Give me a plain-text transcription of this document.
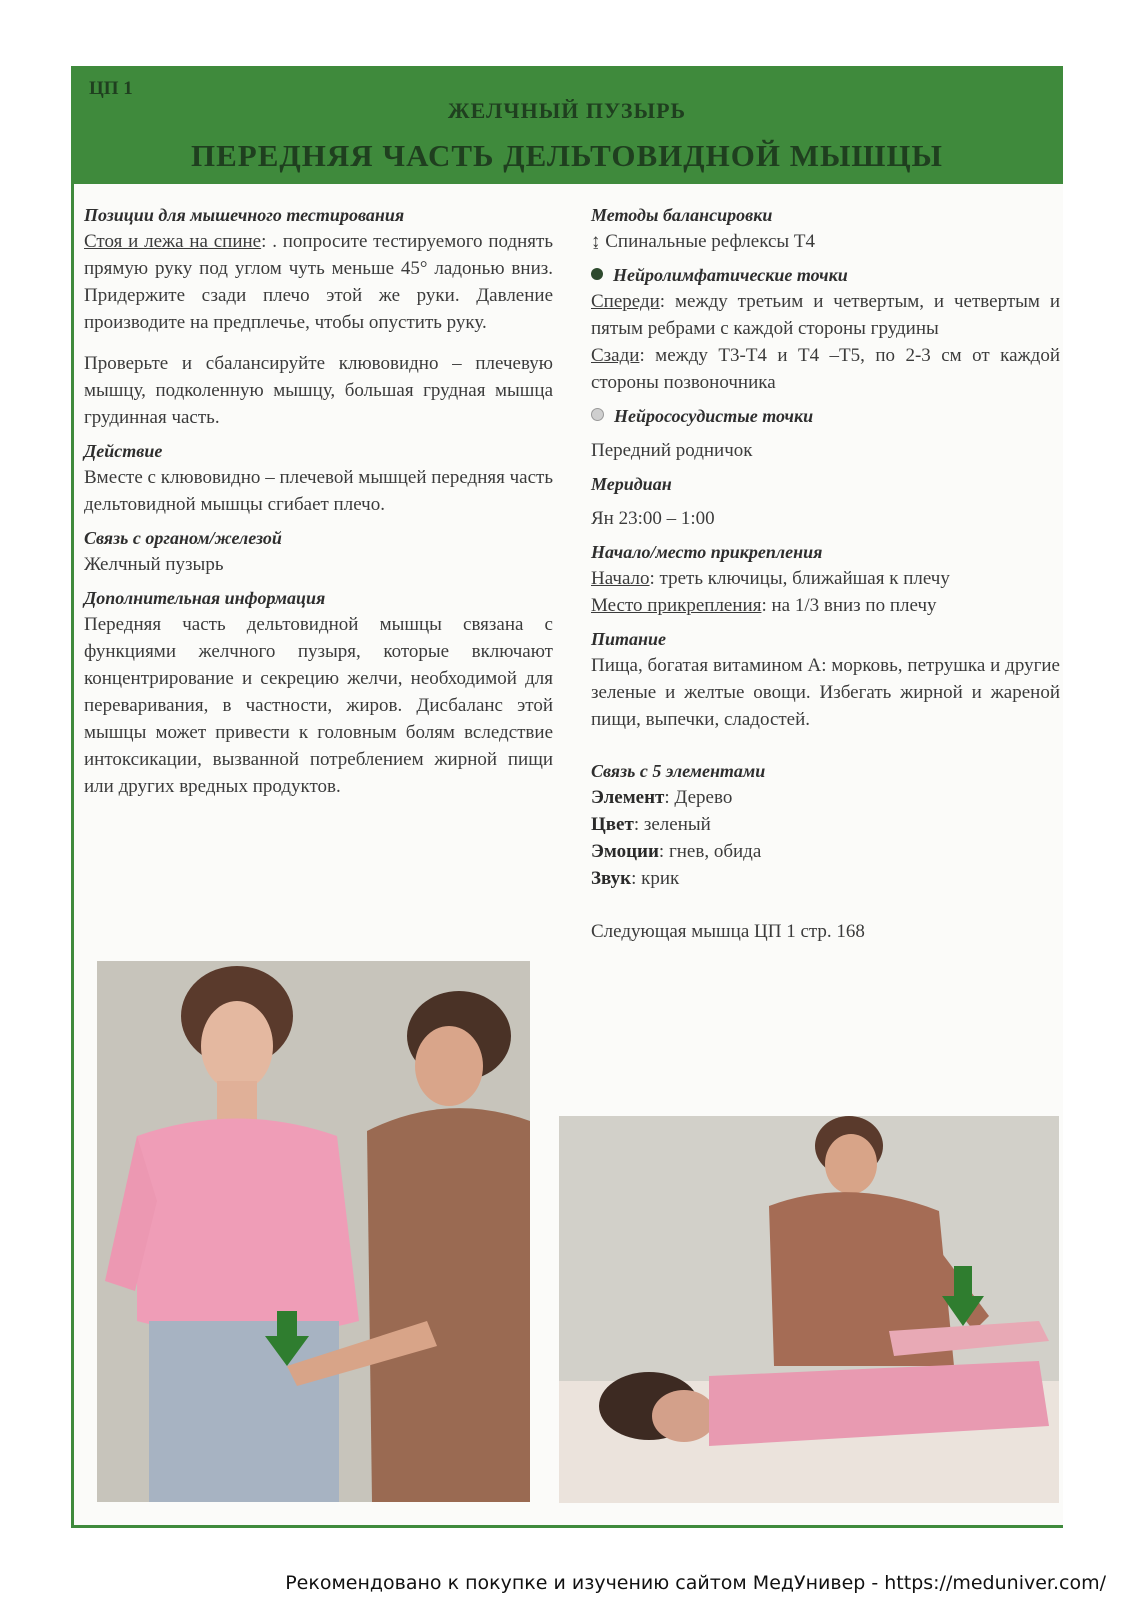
ЦП 1
ЖЕЛЧНЫЙ ПУЗЫРЬ
ПЕРЕДНЯЯ ЧАСТЬ ДЕЛЬТОВИДНОЙ МЫШЦЫ

Позиции для мышечного тестирования

Стоя и лежа на спине: . попросите тестируемого поднять прямую руку под углом чуть меньше 45° ладонью вниз. Придержите сзади плечо этой же руки. Давление производите на предплечье, чтобы опустить руку.

Проверьте и сбалансируйте клювовидно – плечевую мышцу, подколенную мышцу, большая грудная мышца грудинная часть.

Действие

Вместе с клювовидно – плечевой мышцей передняя часть дельтовидной мышцы сгибает плечо.

Связь с органом/железой

Желчный пузырь

Дополнительная информация

Передняя часть дельтовидной мышцы связана с функциями желчного пузыря, которые включают концентрирование и секрецию желчи, необходимой для переваривания, в частности, жиров. Дисбаланс этой мышцы может привести к головным болям вследствие интоксикации, вызванной потреблением жирной пищи или других вредных продуктов.

Методы балансировки

↨ Спинальные рефлексы Т4

Нейролимфатические точки

Спереди: между третьим и четвертым, и четвертым и пятым ребрами с каждой стороны грудины

Сзади: между Т3-Т4 и Т4 –Т5, по 2-3 см от каждой стороны позвоночника

Нейрососудистые точки

Передний родничок

Меридиан

Ян 23:00 – 1:00

Начало/место прикрепления

Начало: треть ключицы, ближайшая к плечу

Место прикрепления: на 1/3 вниз по плечу

Питание

Пища, богатая витамином А: морковь, петрушка и другие зеленые и желтые овощи. Избегать жирной и жареной пищи, выпечки, сладостей.

Связь с 5 элементами

Элемент: Дерево

Цвет: зеленый

Эмоции: гнев, обида

Звук: крик

Следующая мышца ЦП 1 стр. 168

Рекомендовано к покупке и изучению сайтом МедУнивер - https://meduniver.com/
